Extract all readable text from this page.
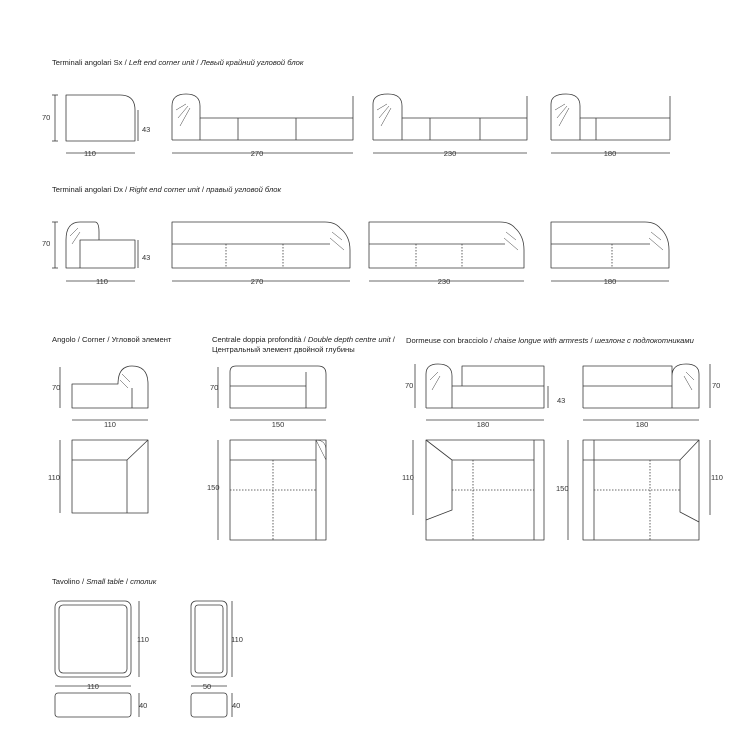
Terminali angolari Sx / Left end corner unit / Левый крайний угловой блок
Terminali angolari Dx / Right end corner unit / правый угловой блок
Angolo / Corner / Угловой элемент	Centrale doppia profondità / Double depth centre unit / Центральный элемент двойной глубины
Dormeuse con bracciolo / chaise longue with armrests / шезлонг с подлокотниками
Tavolino / Small table / столик
70
43
110	270	230	180
70
43
110	270	230	180
70
110
110
70
150
150
70
43
180
70
180
110
150
110
110
110
40
110
50
40
